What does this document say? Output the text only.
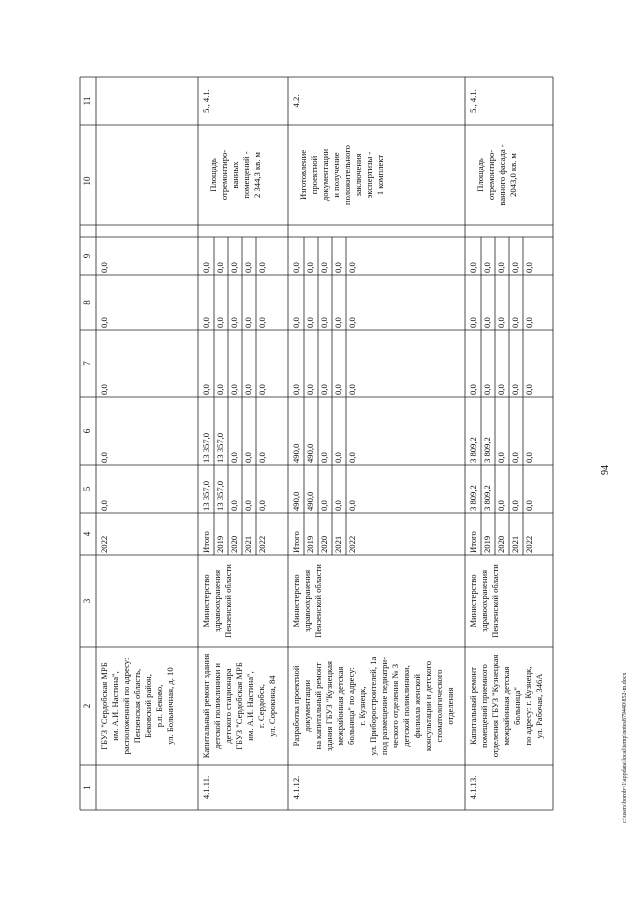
94
1
2
3
4
5
6
7
8
9
10
11
ГБУЗ "Сердобская МРБ им. А.И. Настина", расположенной по адресу: Пензенская область, Бековский район, р.п. Беково, ул. Больничная, д. 10
2022
0,0
0,0
0,0
0,0
0,0
4.1.11.
Капитальный ремонт здания детской поликлиники и детского стационара ГБУЗ "Сердобская МРБ им. А.И. Настина", г. Сердобск, ул. Сорокина, 84
Министерство здравоохранения Пензенской области
Итого 2019 2020 2021 2022
13 357,0 13 357,0 0,0 0,0 0,0
13 357,0 13 357,0 0,0 0,0 0,0
0,0 0,0 0,0 0,0 0,0
0,0 0,0 0,0 0,0 0,0
0,0 0,0 0,0 0,0 0,0
Площадь отремонтиро- ванных помещений - 2 344,3 кв. м
5., 4.1.
4.1.12.
Разработка проектной документации на капитальный ремонт здания ГБУЗ "Кузнецкая межрайонная детская больница" по адресу: г. Кузнецк, ул. Приборостроителей, 1а под размещение педиатри- ческого отделения № 3 детской поликлиники, филиала женской консультации и детского стоматологического отделения
Министерство здравоохранения Пензенской области
Итого 2019 2020 2021 2022
490,0 490,0 0,0 0,0 0,0
490,0 490,0 0,0 0,0 0,0
0,0 0,0 0,0 0,0 0,0
0,0 0,0 0,0 0,0 0,0
0,0 0,0 0,0 0,0 0,0
Изготовление проектной документации и получение положительного заключения экспертизы - 1 комплект
4.2.
4.1.13.
Капитальный ремонт помещений приемного отделения ГБУЗ "Кузнецкая межрайонная детская больница" по адресу: г. Кузнецк, ул. Рабочая, 346А
Министерство здравоохранения Пензенской области
Итого 2019 2020 2021 2022
3 809,2 3 809,2 0,0 0,0 0,0
3 809,2 3 809,2 0,0 0,0 0,0
0,0 0,0 0,0 0,0 0,0
0,0 0,0 0,0 0,0 0,0
0,0 0,0 0,0 0,0 0,0
Площадь отремонтиро- ванного фасада - 2043,0 кв. м
5., 4.1.
c:\users\borob~1\appdata\local\temp\notes879440\852-m.docx
